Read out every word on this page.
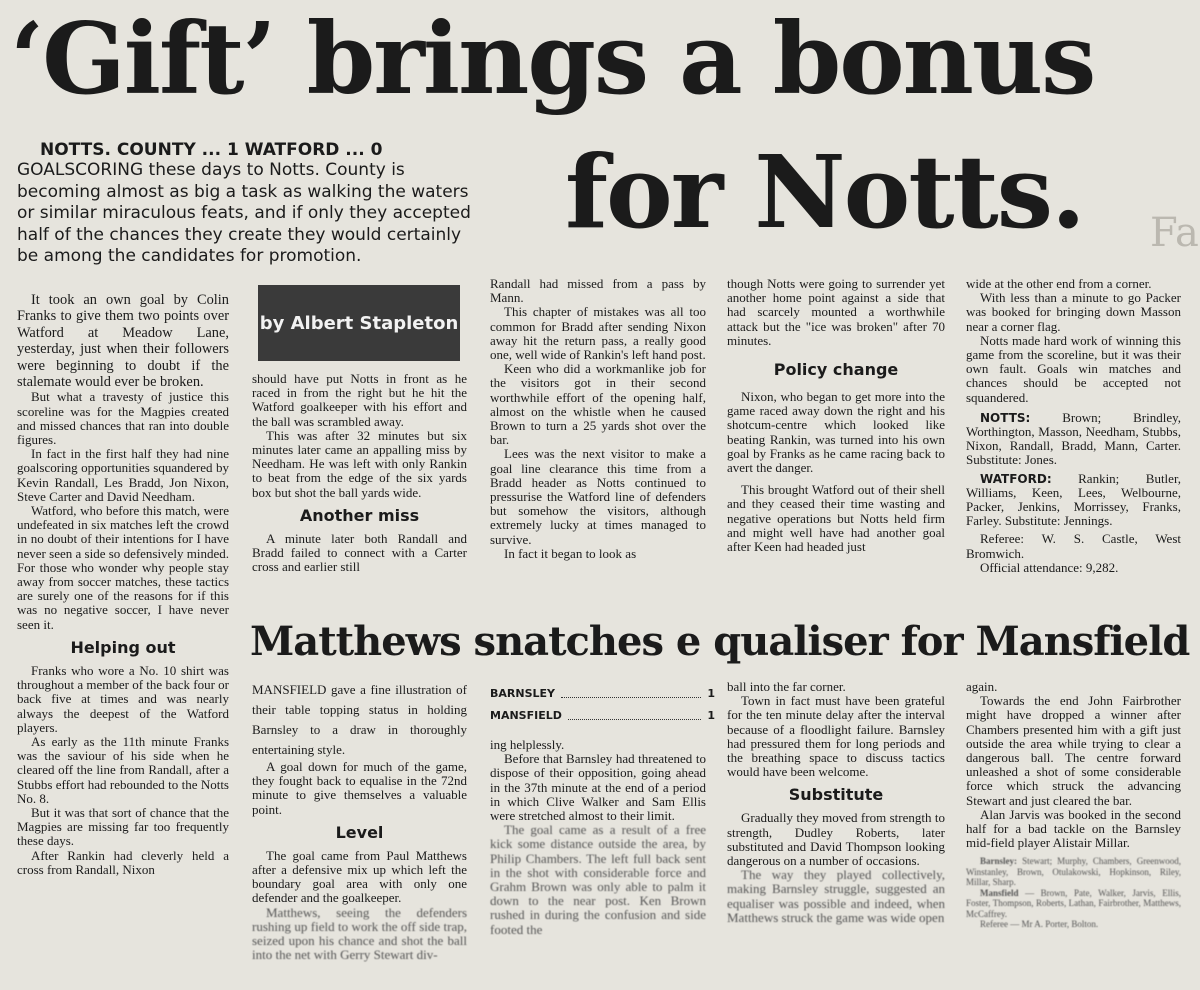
Fa
‘Gift’ brings a bonus
for Notts.
NOTTS. COUNTY ... 1 WATFORD ... 0
GOALSCORING these days to Notts. County is becoming almost as big a task as walking the waters or similar miraculous feats, and if only they accepted half of the chances they create they would certainly be among the candidates for promotion.
by Albert Stapleton

It took an own goal by Colin Franks to give them two points over Watford at Meadow Lane, yesterday, just when their followers were beginning to doubt if the stalemate would ever be broken.

But what a travesty of justice this scoreline was for the Magpies created and missed chances that ran into double figures.

In fact in the first half they had nine goalscoring opportunities squandered by Kevin Randall, Les Bradd, Jon Nixon, Steve Carter and David Needham.

Watford, who before this match, were undefeated in six matches left the crowd in no doubt of their intentions for I have never seen a side so defensively minded. For those who wonder why people stay away from soccer matches, these tactics are surely one of the reasons for if this was no negative soccer, I have never seen it.

Helping out

Franks who wore a No. 10 shirt was throughout a member of the back four or back five at times and was nearly always the deepest of the Watford players.

As early as the 11th minute Franks was the saviour of his side when he cleared off the line from Randall, after a Stubbs effort had rebounded to the Notts No. 8.

But it was that sort of chance that the Magpies are missing far too frequently these days.

After Rankin had cleverly held a cross from Randall, Nixon

should have put Notts in front as he raced in from the right but he hit the Watford goalkeeper with his effort and the ball was scrambled away.

This was after 32 minutes but six minutes later came an appalling miss by Needham. He was left with only Rankin to beat from the edge of the six yards box but shot the ball yards wide.

Another miss

A minute later both Randall and Bradd failed to connect with a Carter cross and earlier still

Randall had missed from a pass by Mann.

This chapter of mistakes was all too common for Bradd after sending Nixon away hit the return pass, a really good one, well wide of Rankin's left hand post.

Keen who did a workmanlike job for the visitors got in their second worthwhile effort of the opening half, almost on the whistle when he caused Brown to turn a 25 yards shot over the bar.

Lees was the next visitor to make a goal line clearance this time from a Bradd header as Notts continued to pressurise the Watford line of defenders but somehow the visitors, although extremely lucky at times managed to survive.

In fact it began to look as

though Notts were going to surrender yet another home point against a side that had scarcely mounted a worthwhile attack but the "ice was broken" after 70 minutes.

Policy change

Nixon, who began to get more into the game raced away down the right and his shotcum-centre which looked like beating Rankin, was turned into his own goal by Franks as he came racing back to avert the danger.

This brought Watford out of their shell and they ceased their time wasting and negative operations but Notts held firm and might well have had another goal after Keen had headed just

wide at the other end from a corner.

With less than a minute to go Packer was booked for bringing down Masson near a corner flag.

Notts made hard work of winning this game from the scoreline, but it was their own fault. Goals win matches and chances should be accepted not squandered.

NOTTS: Brown; Brindley, Worthington, Masson, Needham, Stubbs, Nixon, Randall, Bradd, Mann, Carter. Substitute: Jones.

WATFORD: Rankin; Butler, Williams, Keen, Lees, Welbourne, Packer, Jenkins, Morrissey, Franks, Farley. Substitute: Jennings.

Referee: W. S. Castle, West Bromwich.

Official attendance: 9,282.

Matthews snatches e qualiser for Mansfield

MANSFIELD gave a fine illustration of their table topping status in holding Barnsley to a draw in thoroughly entertaining style.

A goal down for much of the game, they fought back to equalise in the 72nd minute to give themselves a valuable point.

Level

The goal came from Paul Matthews after a defensive mix up which left the boundary goal area with only one defender and the goalkeeper.

Matthews, seeing the defenders rushing up field to work the off side trap, seized upon his chance and shot the ball into the net with Gerry Stewart div-

BARNSLEY	1
MANSFIELD	1

ing helplessly.

Before that Barnsley had threatened to dispose of their opposition, going ahead in the 37th minute at the end of a period in which Clive Walker and Sam Ellis were stretched almost to their limit.

The goal came as a result of a free kick some distance outside the area, by Philip Chambers. The left full back sent in the shot with considerable force and Grahm Brown was only able to palm it down to the near post. Ken Brown rushed in during the confusion and side footed the

ball into the far corner.

Town in fact must have been grateful for the ten minute delay after the interval because of a floodlight failure. Barnsley had pressured them for long periods and the breathing space to discuss tactics would have been welcome.

Substitute

Gradually they moved from strength to strength, Dudley Roberts, later substituted and David Thompson looking dangerous on a number of occasions.

The way they played collectively, making Barnsley struggle, suggested an equaliser was possible and indeed, when Matthews struck the game was wide open

again.

Towards the end John Fairbrother might have dropped a winner after Chambers presented him with a gift just outside the area while trying to clear a dangerous ball. The centre forward unleashed a shot of some considerable force which struck the advancing Stewart and just cleared the bar.

Alan Jarvis was booked in the second half for a bad tackle on the Barnsley mid-field player Alistair Millar.

Barnsley: Stewart; Murphy, Chambers, Greenwood, Winstanley, Brown, Otulakowski, Hopkinson, Riley, Millar, Sharp.

Mansfield — Brown, Pate, Walker, Jarvis, Ellis, Foster, Thompson, Roberts, Lathan, Fairbrother, Matthews, McCaffrey.

Referee — Mr A. Porter, Bolton.
